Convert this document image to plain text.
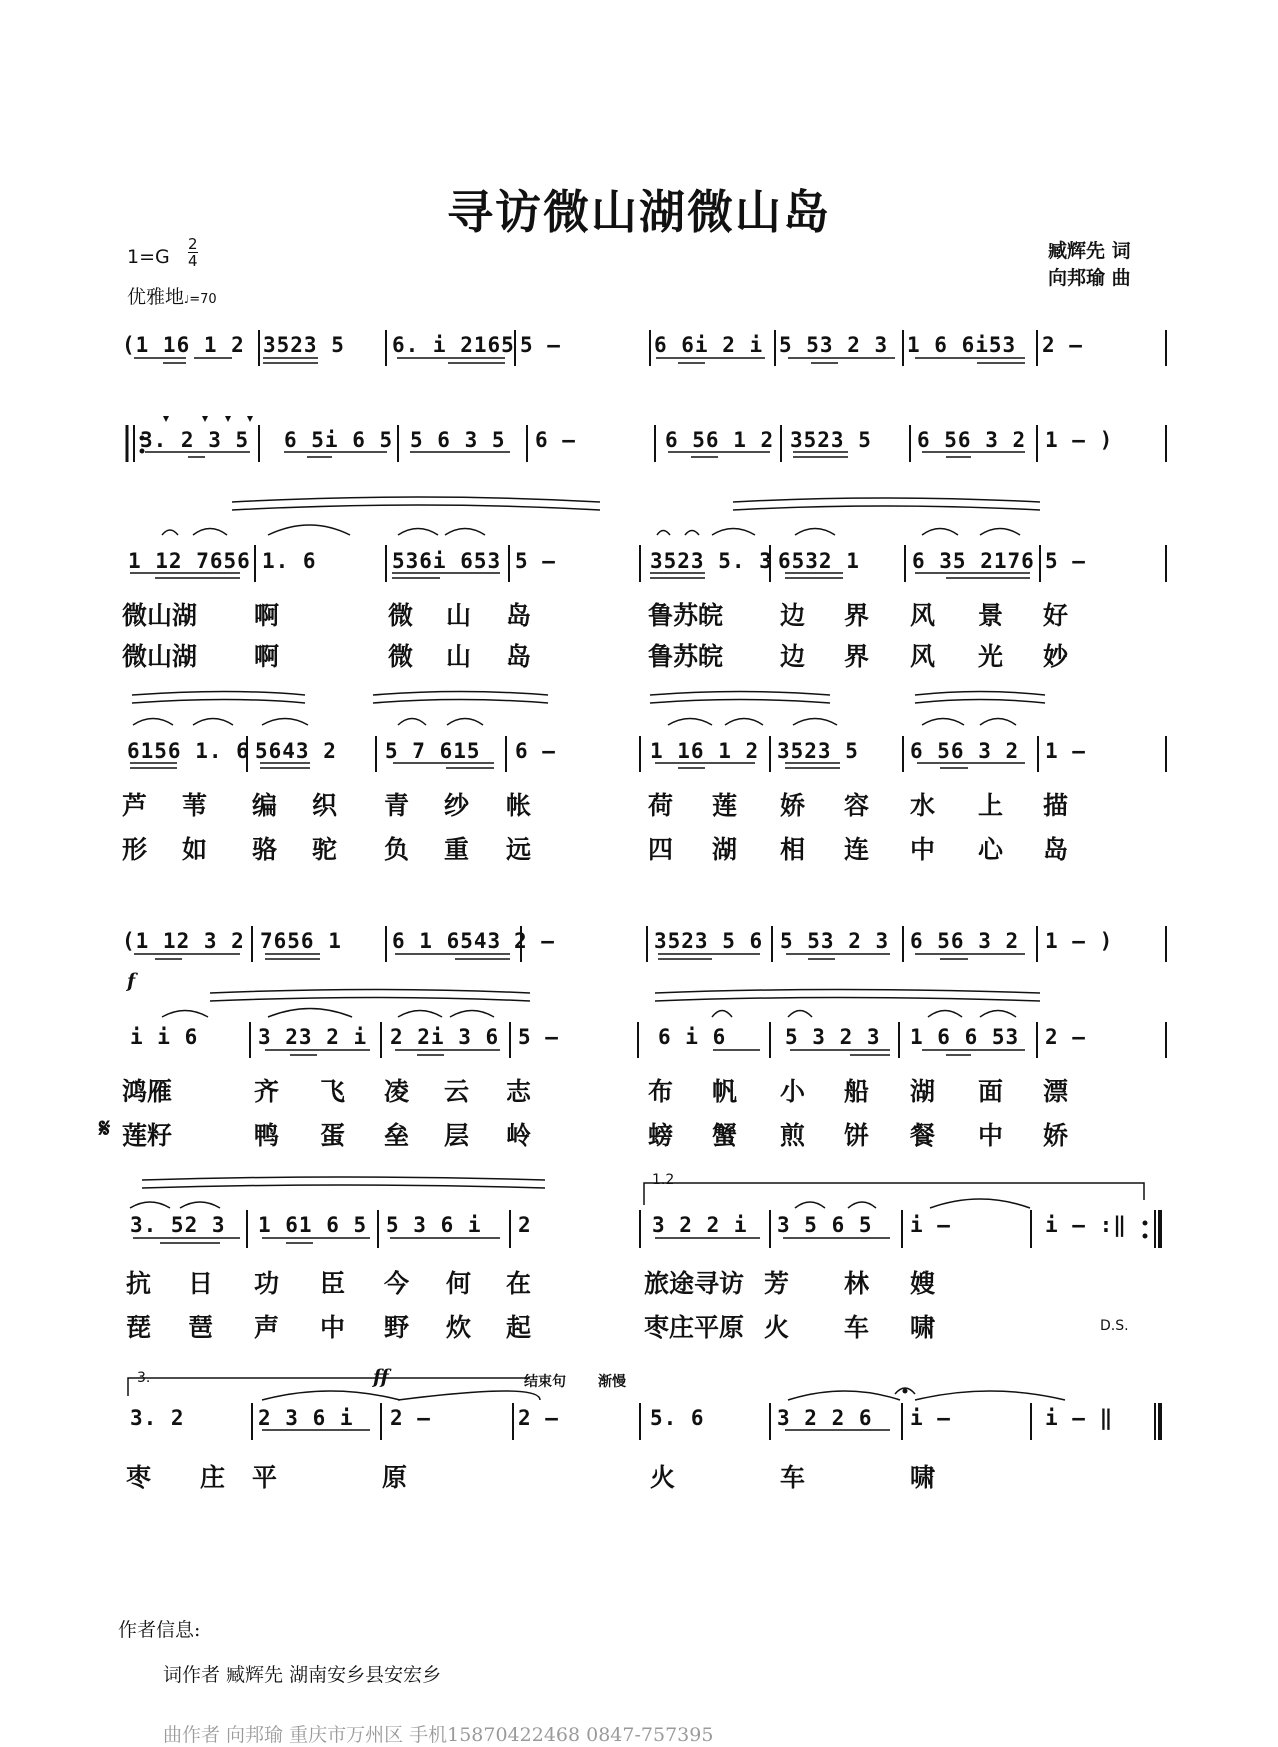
寻访微山湖微山岛
臧辉先 词
向邦瑜 曲
$1=G \frac{2}{4}$
优雅地♩=70
(1 16 1 2 3523 5 6. i 2165 5 –	6 6i 2 i 5 53 2 3 1 6 6i53 2 –
3. 2 3 5 6 5i 6 5 5 6 3 5 6 –	6 56 1 2 3523 5 6 56 3 2 1 – )
1 12 7656 1. 6	536i 653 5 –	3523 5. 3 6532 1 6 35 2176 5 –
微山湖 啊	微 山 岛	鲁苏皖 边 界 风 景 好
微山湖 啊	微 山 岛	鲁苏皖 边 界 风 光 妙
6156 1. 6 5643 2 5 7 615 6 –	1 16 1 2 3523 5 6 56 3 2 1 –
芦 苇 编 织 青 纱 帐	荷 莲 娇 容 水 上 描
形 如 骆 驼 负 重 远	四 湖 相 连 中 心 岛
(1 12 3 2 7656 1 6 1 6543 2 –	3523 5 6 5 53 2 3 6 56 3 2 1 – )
i i 6	3 23 2 i 2 2i 3 6 5 –	6 i 6	5 3 2 3 1 6 6 53 2 –
鸿雁	齐 飞 凌 云 志	布 帆 小 船 湖 面 漂
莲籽	鸭 蛋 垒 层 岭	螃 蟹 煎 饼 餐 中 娇
3. 52 3 1 61 6 5 5 3 6 i 2	3 2 2 i 3 5 6 5 i –	i – :‖
抗 日 功 臣 今 何 在	旅途寻访 芳 林 嫂
琵 琶 声 中 野 炊 起	枣庄平原 火 车 啸
3. 2	2 3 6 i 2 –	2 –	5. 6	3 2 2 6 i –	i – ‖
枣 庄 平	原	火	车	啸
f
𝄋
1.2
D.S.
3.	ff	结束句 渐慢
作者信息:
词作者 臧辉先 湖南安乡县安宏乡
曲作者 向邦瑜 重庆市万州区 手机15870422468 0847-757395
